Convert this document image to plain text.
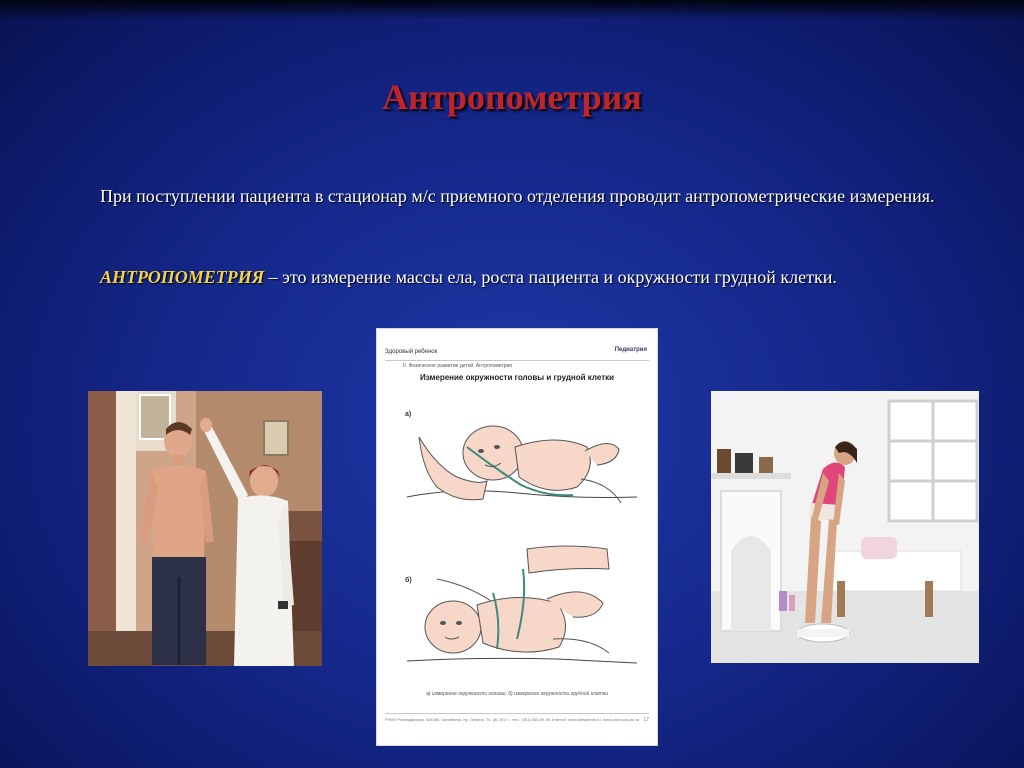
Антропометрия
При поступлении пациента в стационар м/с приемного отделения проводит антропометрические измерения.
АНТРОПОМЕТРИЯ – это измерение массы ела, роста пациента и окружности грудной клетки.
Здоровый ребенок	Педиатрия
II. Физическое развитие детей. Антропометрия
Измерение окружности головы и грудной клетки
а)
б)
а) измерение окружности головы; б) измерение окружности грудной клетки
РУМЭ Роспедиатрия, 404080, Челябинск, пр. Ленина, 75. (8) 2017 г. тел.: (351) 265-59-59, Internet: www.labstarinfo.ru, www.univ.susu.ac.ru 17
